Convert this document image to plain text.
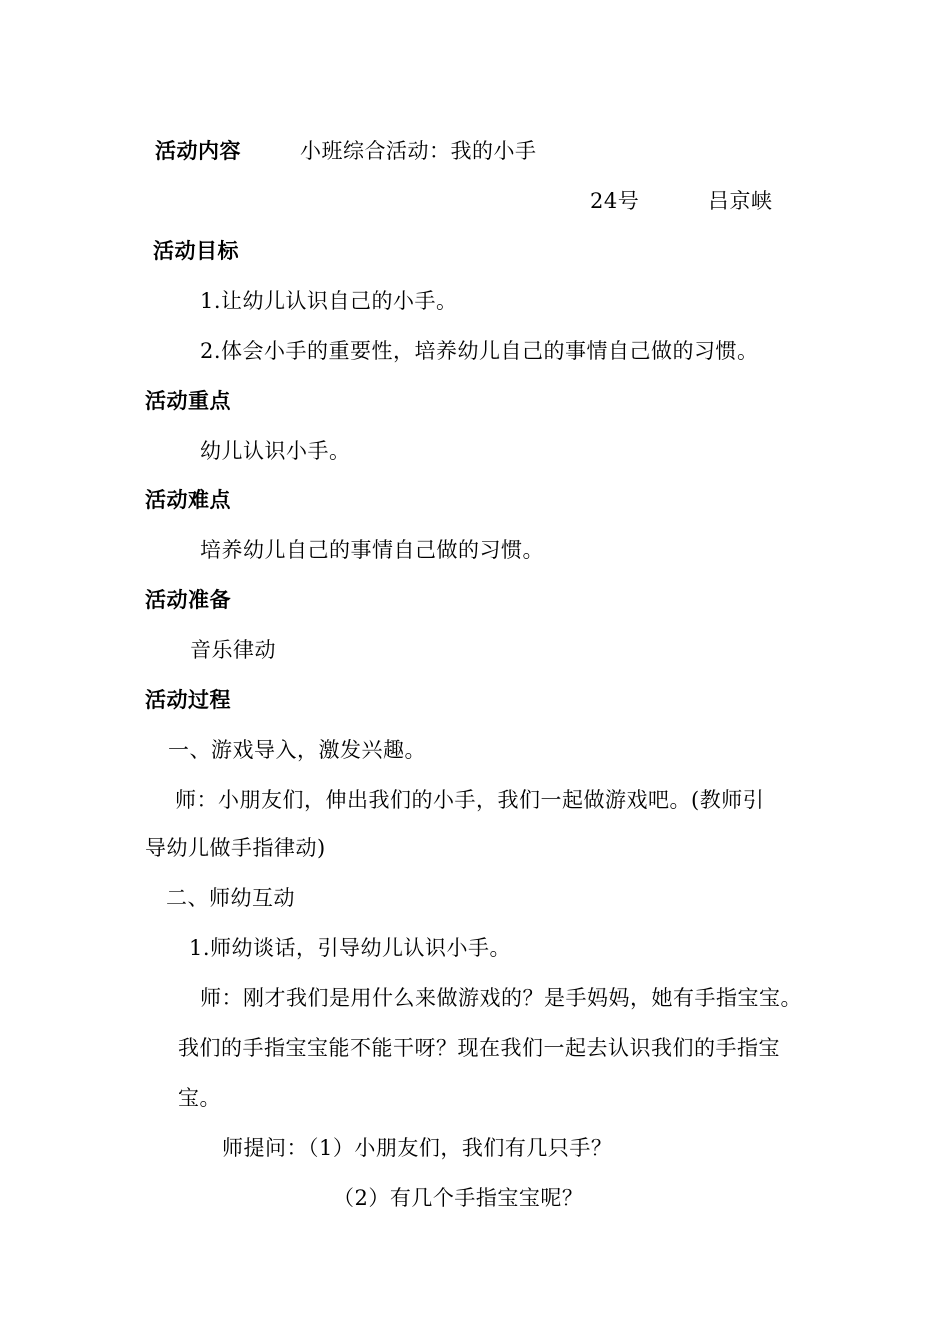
活动内容	小班综合活动：我的小手
24号	吕京峡
活动目标
1.让幼儿认识自己的小手。
2.体会小手的重要性，培养幼儿自己的事情自己做的习惯。
活动重点
幼儿认识小手。
活动难点
培养幼儿自己的事情自己做的习惯。
活动准备
音乐律动
活动过程
一、游戏导入，激发兴趣。
师：小朋友们，伸出我们的小手，我们一起做游戏吧。(教师引
导幼儿做手指律动)
二、师幼互动
1.师幼谈话，引导幼儿认识小手。
师：刚才我们是用什么来做游戏的？是手妈妈，她有手指宝宝。
我们的手指宝宝能不能干呀？现在我们一起去认识我们的手指宝
宝。
师提问：（1）小朋友们，我们有几只手？
（2）有几个手指宝宝呢？
